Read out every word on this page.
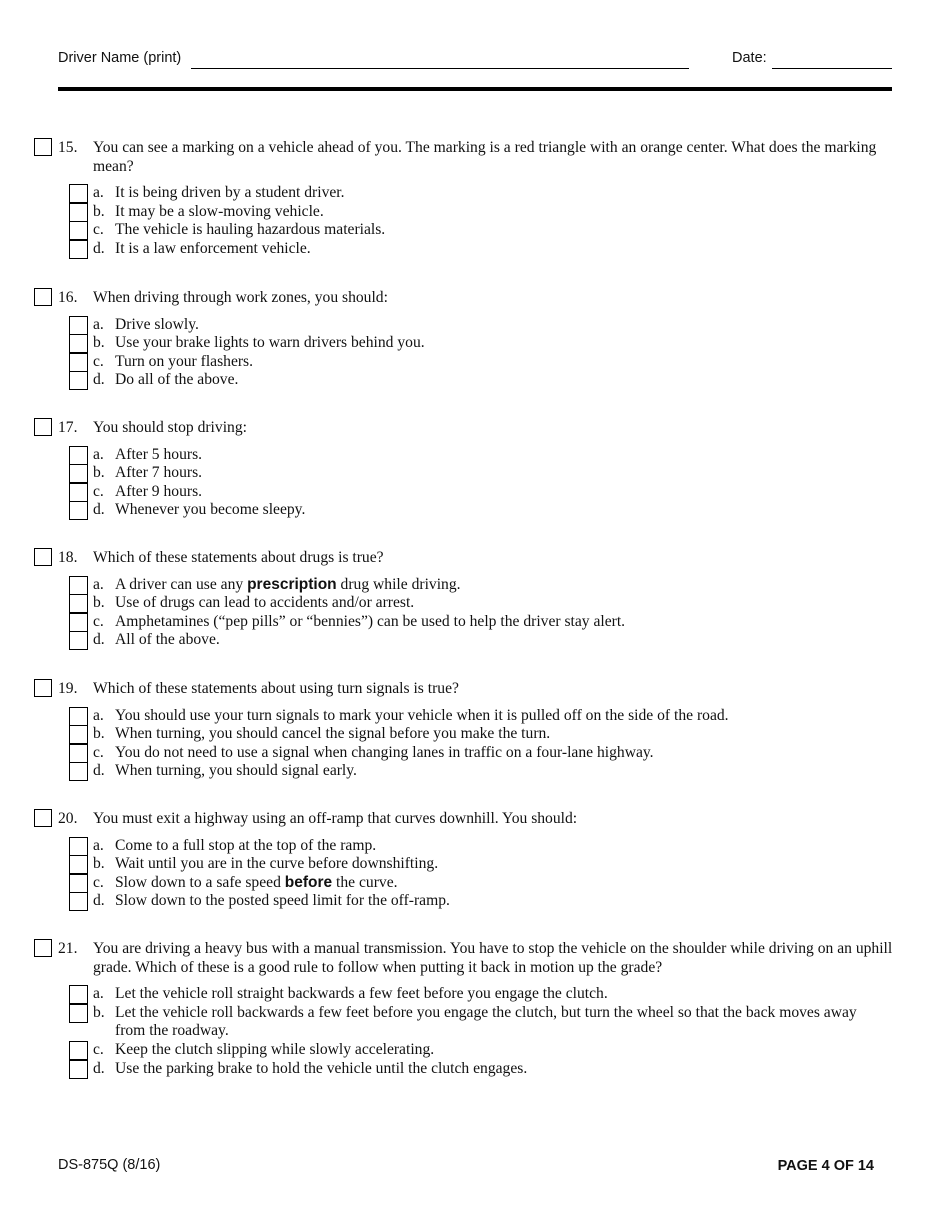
Driver Name (print)	Date:
15. You can see a marking on a vehicle ahead of you. The marking is a red triangle with an orange center. What does the marking mean?
a. It is being driven by a student driver.
b. It may be a slow-moving vehicle.
c. The vehicle is hauling hazardous materials.
d. It is a law enforcement vehicle.
16. When driving through work zones, you should:
a. Drive slowly.
b. Use your brake lights to warn drivers behind you.
c. Turn on your flashers.
d. Do all of the above.
17. You should stop driving:
a. After 5 hours.
b. After 7 hours.
c. After 9 hours.
d. Whenever you become sleepy.
18. Which of these statements about drugs is true?
a. A driver can use any prescription drug while driving.
b. Use of drugs can lead to accidents and/or arrest.
c. Amphetamines (“pep pills” or “bennies”) can be used to help the driver stay alert.
d. All of the above.
19. Which of these statements about using turn signals is true?
a. You should use your turn signals to mark your vehicle when it is pulled off on the side of the road.
b. When turning, you should cancel the signal before you make the turn.
c. You do not need to use a signal when changing lanes in traffic on a four-lane highway.
d. When turning, you should signal early.
20. You must exit a highway using an off-ramp that curves downhill. You should:
a. Come to a full stop at the top of the ramp.
b. Wait until you are in the curve before downshifting.
c. Slow down to a safe speed before the curve.
d. Slow down to the posted speed limit for the off-ramp.
21. You are driving a heavy bus with a manual transmission. You have to stop the vehicle on the shoulder while driving on an uphill grade. Which of these is a good rule to follow when putting it back in motion up the grade?
a. Let the vehicle roll straight backwards a few feet before you engage the clutch.
b. Let the vehicle roll backwards a few feet before you engage the clutch, but turn the wheel so that the back moves away from the roadway.
c. Keep the clutch slipping while slowly accelerating.
d. Use the parking brake to hold the vehicle until the clutch engages.
DS-875Q (8/16)	PAGE 4 OF 14
